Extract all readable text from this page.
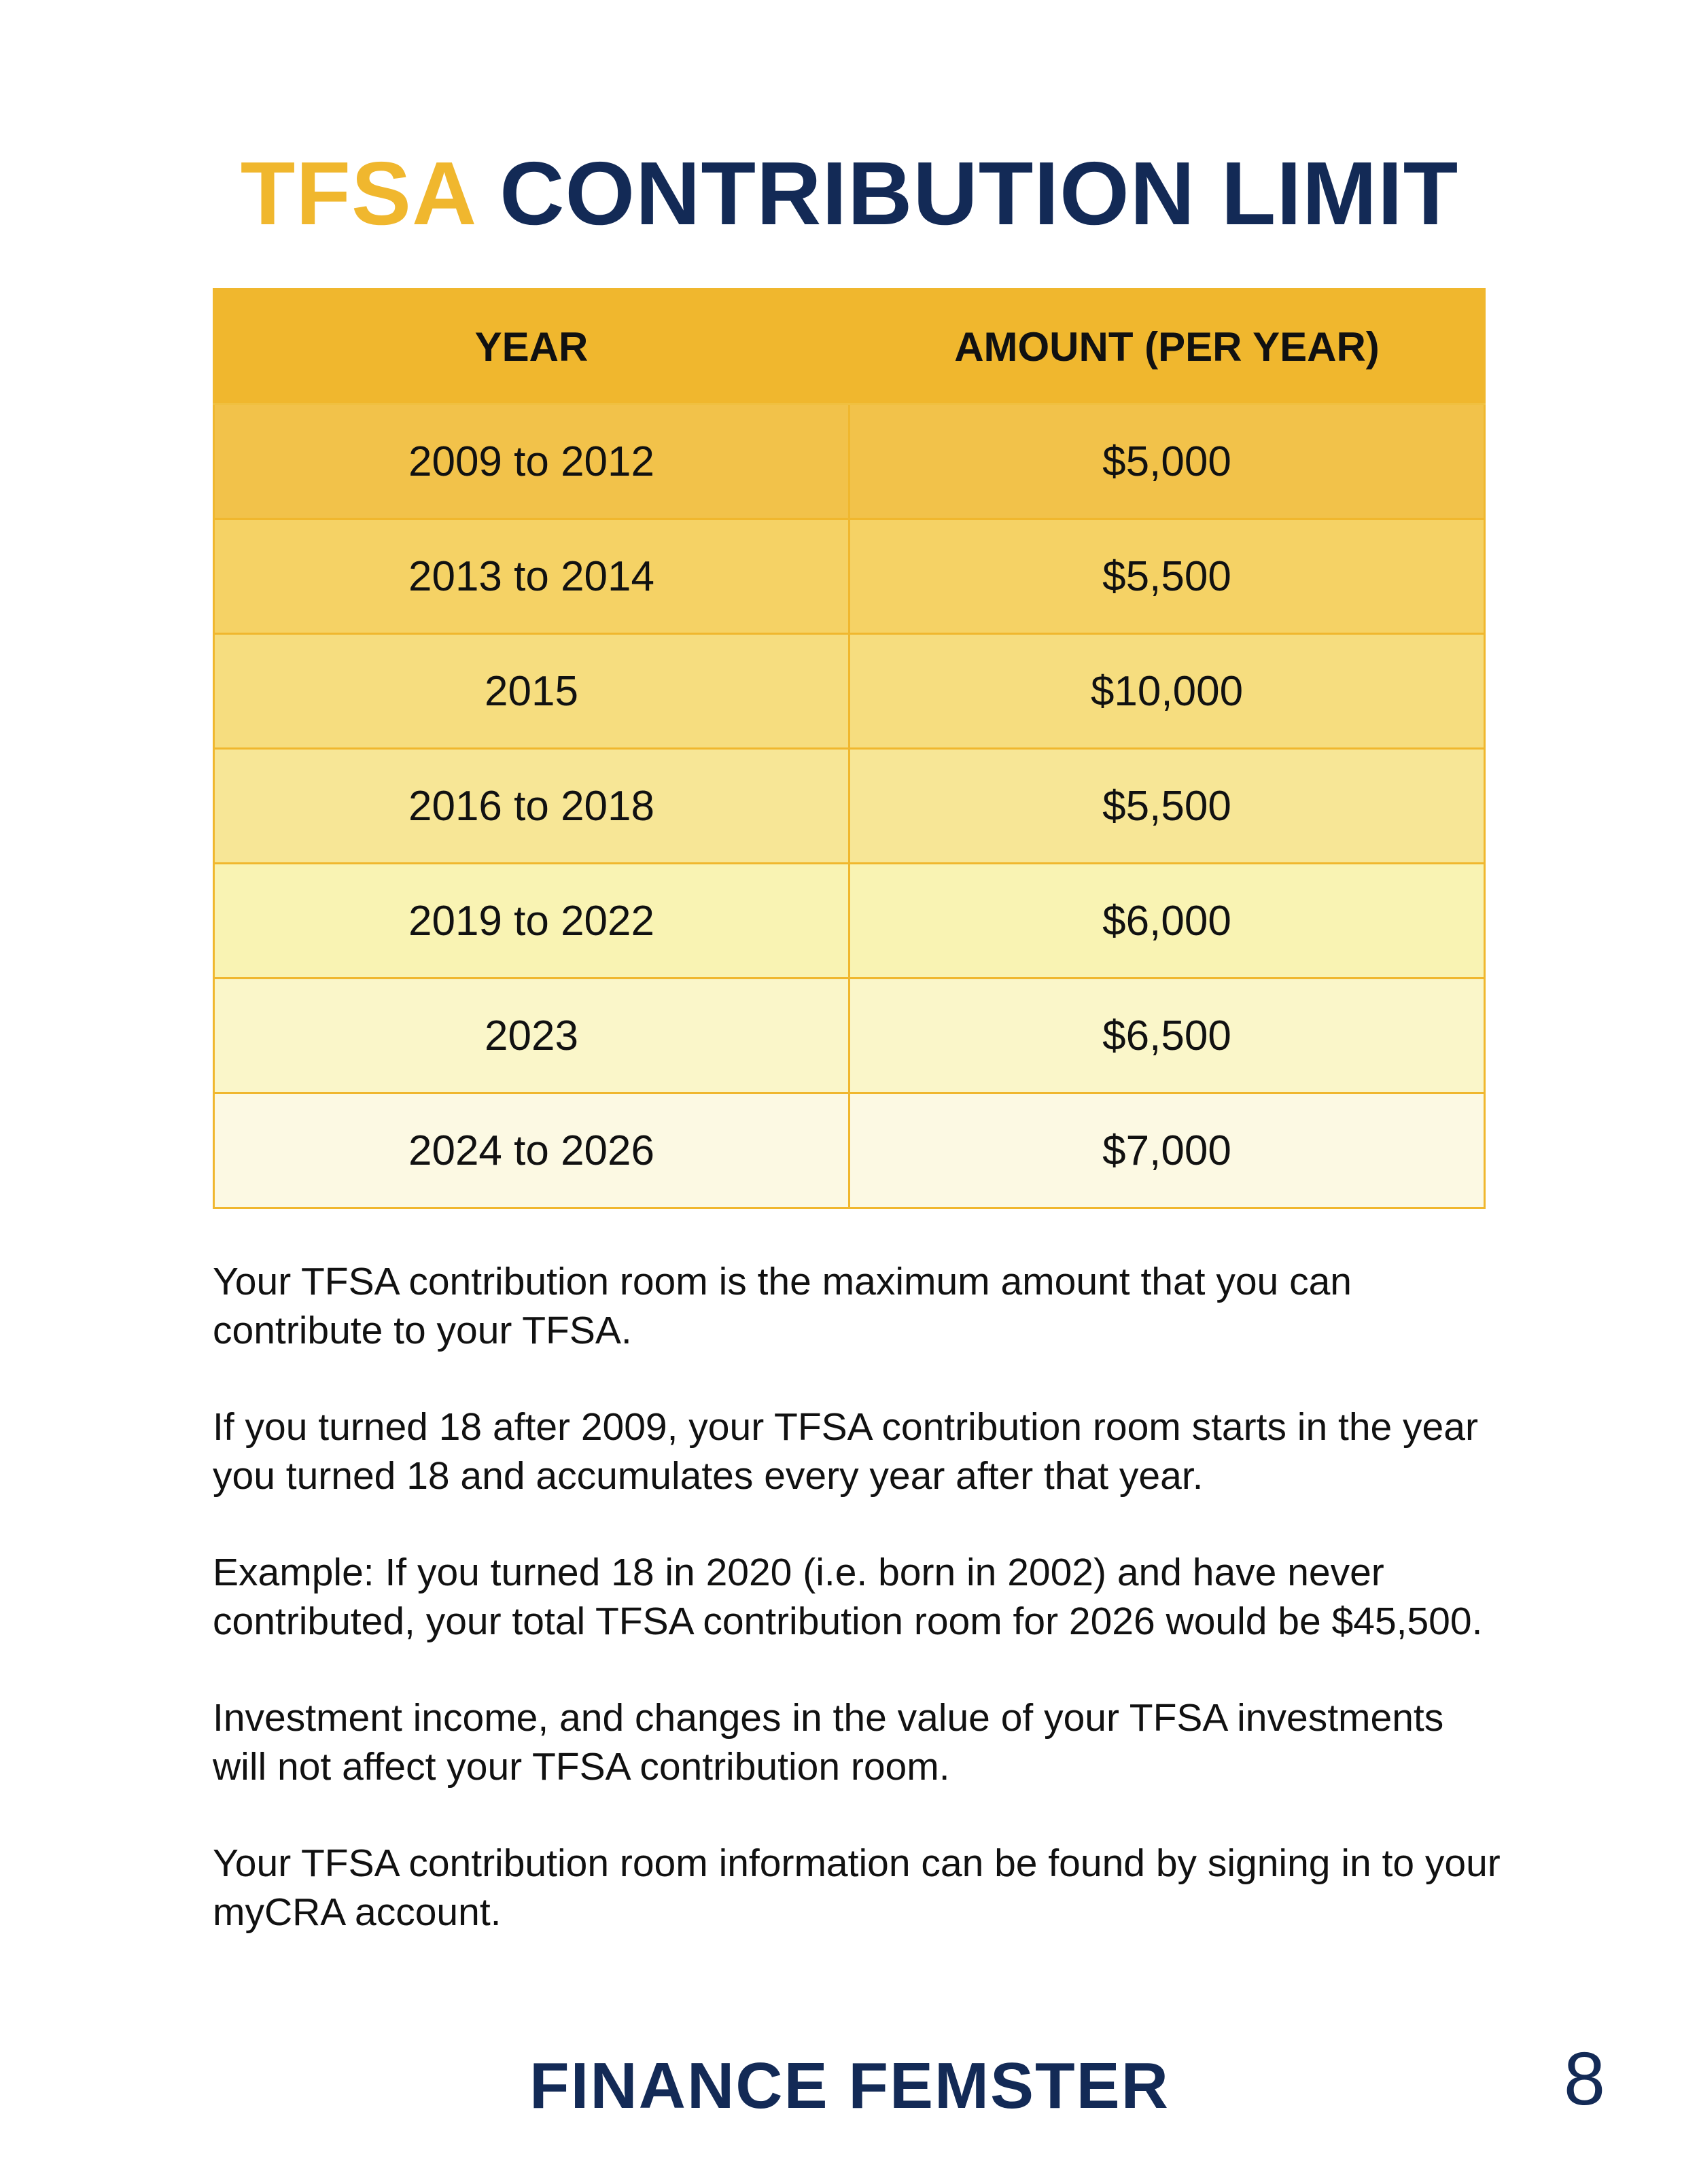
TFSA CONTRIBUTION LIMIT
YEAR	AMOUNT (PER YEAR)
2009 to 2012	$5,000
2013 to 2014	$5,500
2015	$10,000
2016 to 2018	$5,500
2019 to 2022	$6,000
2023	$6,500
2024 to 2026	$7,000

Your TFSA contribution room is the maximum amount that you can contribute to your TFSA.

If you turned 18 after 2009, your TFSA contribution room starts in the year you turned 18 and accumulates every year after that year.

Example: If you turned 18 in 2020 (i.e. born in 2002) and have never contributed, your total TFSA contribution room for 2026 would be $45,500.

Investment income, and changes in the value of your TFSA investments will not affect your TFSA contribution room.

Your TFSA contribution room information can be found by signing in to your myCRA account.

FINANCE FEMSTER	8
